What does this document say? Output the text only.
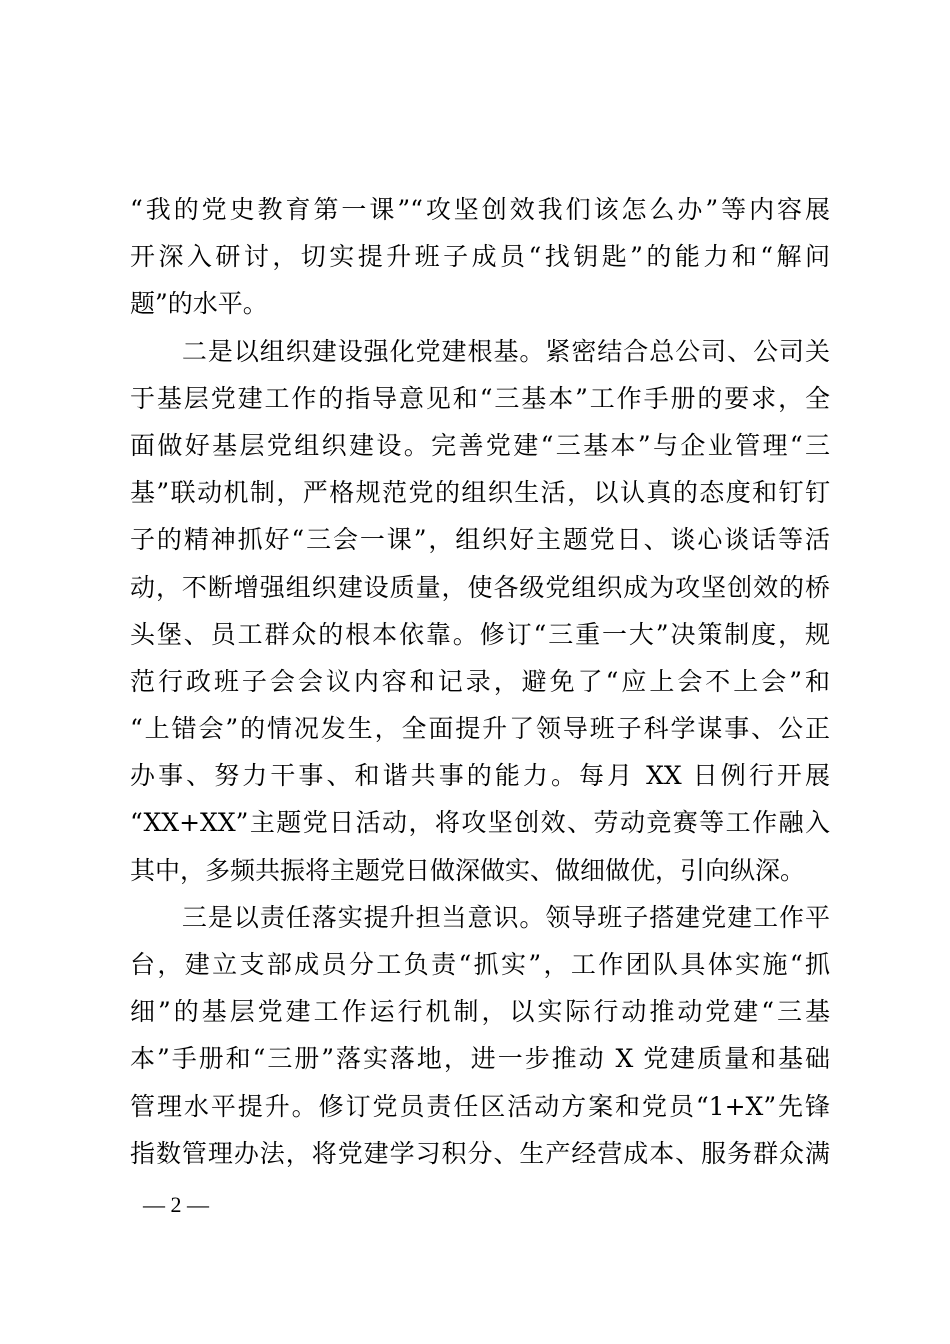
“我的党史教育第一课”“攻坚创效我们该怎么办”等内容展
开深入研讨，切实提升班子成员“找钥匙”的能力和“解问
题”的水平。
　　二是以组织建设强化党建根基。紧密结合总公司、公司关
于基层党建工作的指导意见和“三基本”工作手册的要求，全
面做好基层党组织建设。完善党建“三基本”与企业管理“三
基”联动机制，严格规范党的组织生活，以认真的态度和钉钉
子的精神抓好“三会一课”，组织好主题党日、谈心谈话等活
动，不断增强组织建设质量，使各级党组织成为攻坚创效的桥
头堡、员工群众的根本依靠。修订“三重一大”决策制度，规
范行政班子会会议内容和记录，避免了“应上会不上会”和
“上错会”的情况发生，全面提升了领导班子科学谋事、公正
办事、努力干事、和谐共事的能力。每月 XX 日例行开展
“XX+XX”主题党日活动，将攻坚创效、劳动竞赛等工作融入
其中，多频共振将主题党日做深做实、做细做优，引向纵深。
　　三是以责任落实提升担当意识。领导班子搭建党建工作平
台，建立支部成员分工负责“抓实”，工作团队具体实施“抓
细”的基层党建工作运行机制，以实际行动推动党建“三基
本”手册和“三册”落实落地，进一步推动 X 党建质量和基础
管理水平提升。修订党员责任区活动方案和党员“1+X”先锋
指数管理办法，将党建学习积分、生产经营成本、服务群众满
— 2 —
